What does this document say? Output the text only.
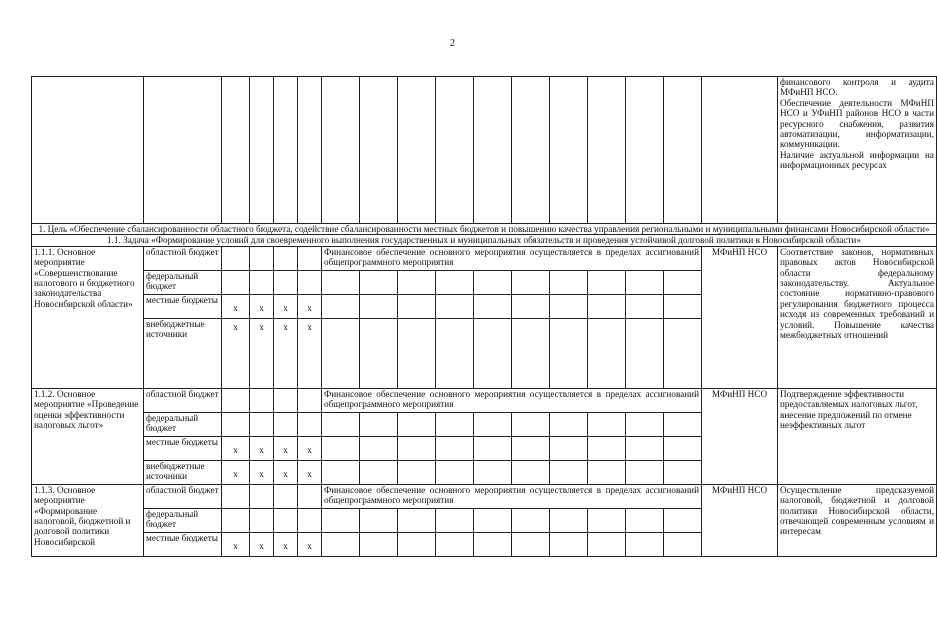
2

																	финансового контроля и аудита МФиНП НСО.

Обеспечение деятельности МФиНП НСО и УФиНП районов НСО в части ресурсного снабжения, развития автоматизации, информатизации, коммуникации.

Наличие актуальной информации на информационных ресурсах

1. Цель «Обеспечение сбалансированности областного бюджета, содействие сбалансированности местных бюджетов и повышению качества управления региональными и муниципальными финансами Новосибирской области»																	
1.1. Задача «Формирование условий для своевременного выполнения государственных и муниципальных обязательств и проведения устойчивой долговой политики в Новосибирской области»																	
1.1.1. Основное мероприятие «Совершенствование налогового и бюджетного законодательства Новосибирской области»	областной бюджет					Финансовое обеспечение основного мероприятия осуществляется в пределах ассигнований общепрограммного мероприятия										МФиНП НСО	Соответствие законов, нормативных правовых актов Новосибирской области федеральному законодательству. Актуальное состояние нормативно-правового регулирования бюджетного процесса исходя из современных требований и условий. Повышение качества межбюджетных отношений
	федеральный бюджет																
	местные бюджеты	x	x	x	x												
	внебюджетные источники	x	x	x	x												
1.1.2. Основное мероприятие «Проведение оценки эффективности налоговых льгот»	областной бюджет					Финансовое обеспечение основного мероприятия осуществляется в пределах ассигнований общепрограммного мероприятия										МФиНП НСО	Подтверждение эффективности предоставляемых налоговых льгот, внесение предложений по отмене неэффективных льгот
	федеральный бюджет																
	местные бюджеты	x	x	x	x												
	внебюджетные источники	x	x	x	x												
1.1.3. Основное мероприятие «Формирование налоговой, бюджетной и долговой политики Новосибирской	областной бюджет					Финансовое обеспечение основного мероприятия осуществляется в пределах ассигнований общепрограммного мероприятия										МФиНП НСО	Осуществление предсказуемой налоговой, бюджетной и долговой политики Новосибирской области, отвечающей современным условиям и интересам
	федеральный бюджет																
	местные бюджеты	x	x	x	x												
